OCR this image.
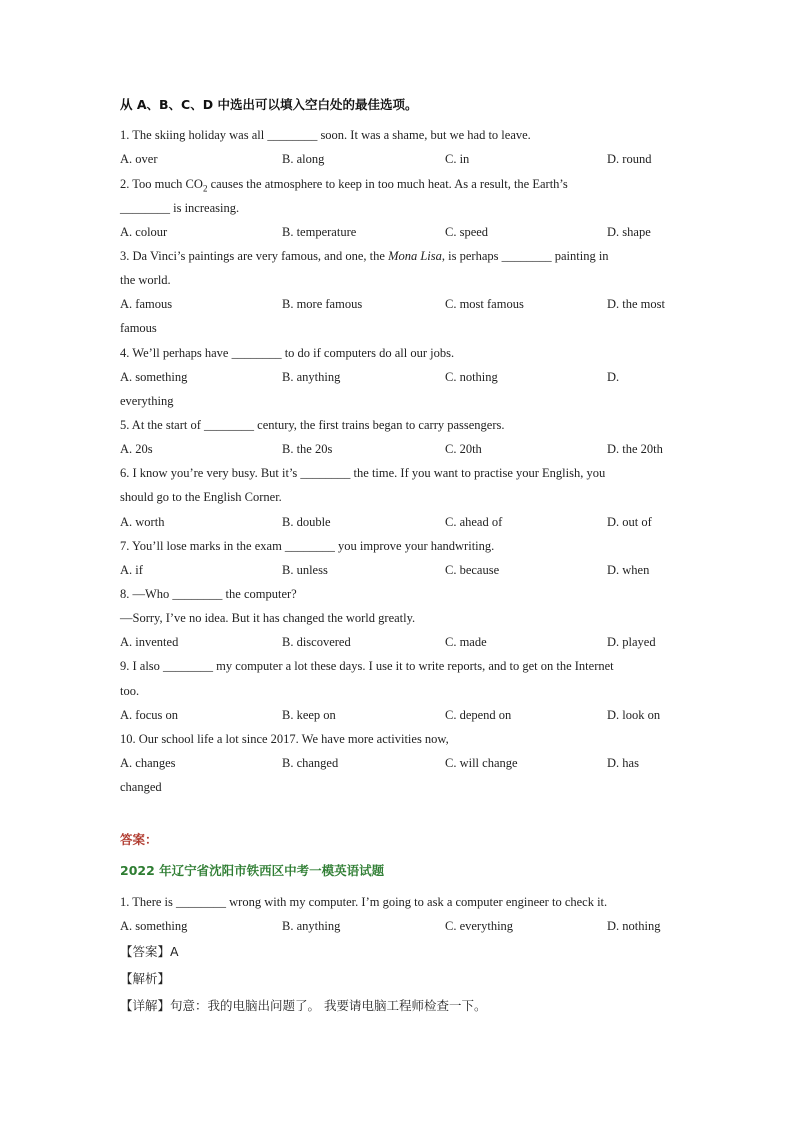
从 A、B、C、D 中选出可以填入空白处的最佳选项。
1. The skiing holiday was all ________ soon. It was a shame, but we had to leave.
A. over	B. along	C. in	D. round
2. Too much $CO_2$ causes the atmosphere to keep in too much heat. As a result, the Earth’s
________ is increasing.
A. colour	B. temperature	C. speed	D. shape
3. Da Vinci’s paintings are very famous, and one, the Mona Lisa, is perhaps ________ painting in
the world.
A. famous	B. more famous	C. most famous	D. the most
famous
4. We’ll perhaps have ________ to do if computers do all our jobs.
A. something	B. anything	C. nothing	D.
everything
5. At the start of ________ century, the first trains began to carry passengers.
A. 20s	B. the 20s	C. 20th	D. the 20th
6. I know you’re very busy. But it’s ________ the time. If you want to practise your English, you
should go to the English Corner.
A. worth	B. double	C. ahead of	D. out of
7. You’ll lose marks in the exam ________ you improve your handwriting.
A. if	B. unless	C. because	D. when
8. —Who ________ the computer?
—Sorry, I’ve no idea. But it has changed the world greatly.
A. invented	B. discovered	C. made	D. played
9. I also ________ my computer a lot these days. I use it to write reports, and to get on the Internet
too.
A. focus on	B. keep on	C. depend on	D. look on
10. Our school life a lot since 2017. We have more activities now,
A. changes	B. changed	C. will change	D. has
changed
答案：
2022 年辽宁省沈阳市铁西区中考一模英语试题
1. There is ________ wrong with my computer. I’m going to ask a computer engineer to check it.
A. something	B. anything	C. everything	D. nothing
【答案】A
【解析】
【详解】句意：我的电脑出问题了。 我要请电脑工程师检查一下。
